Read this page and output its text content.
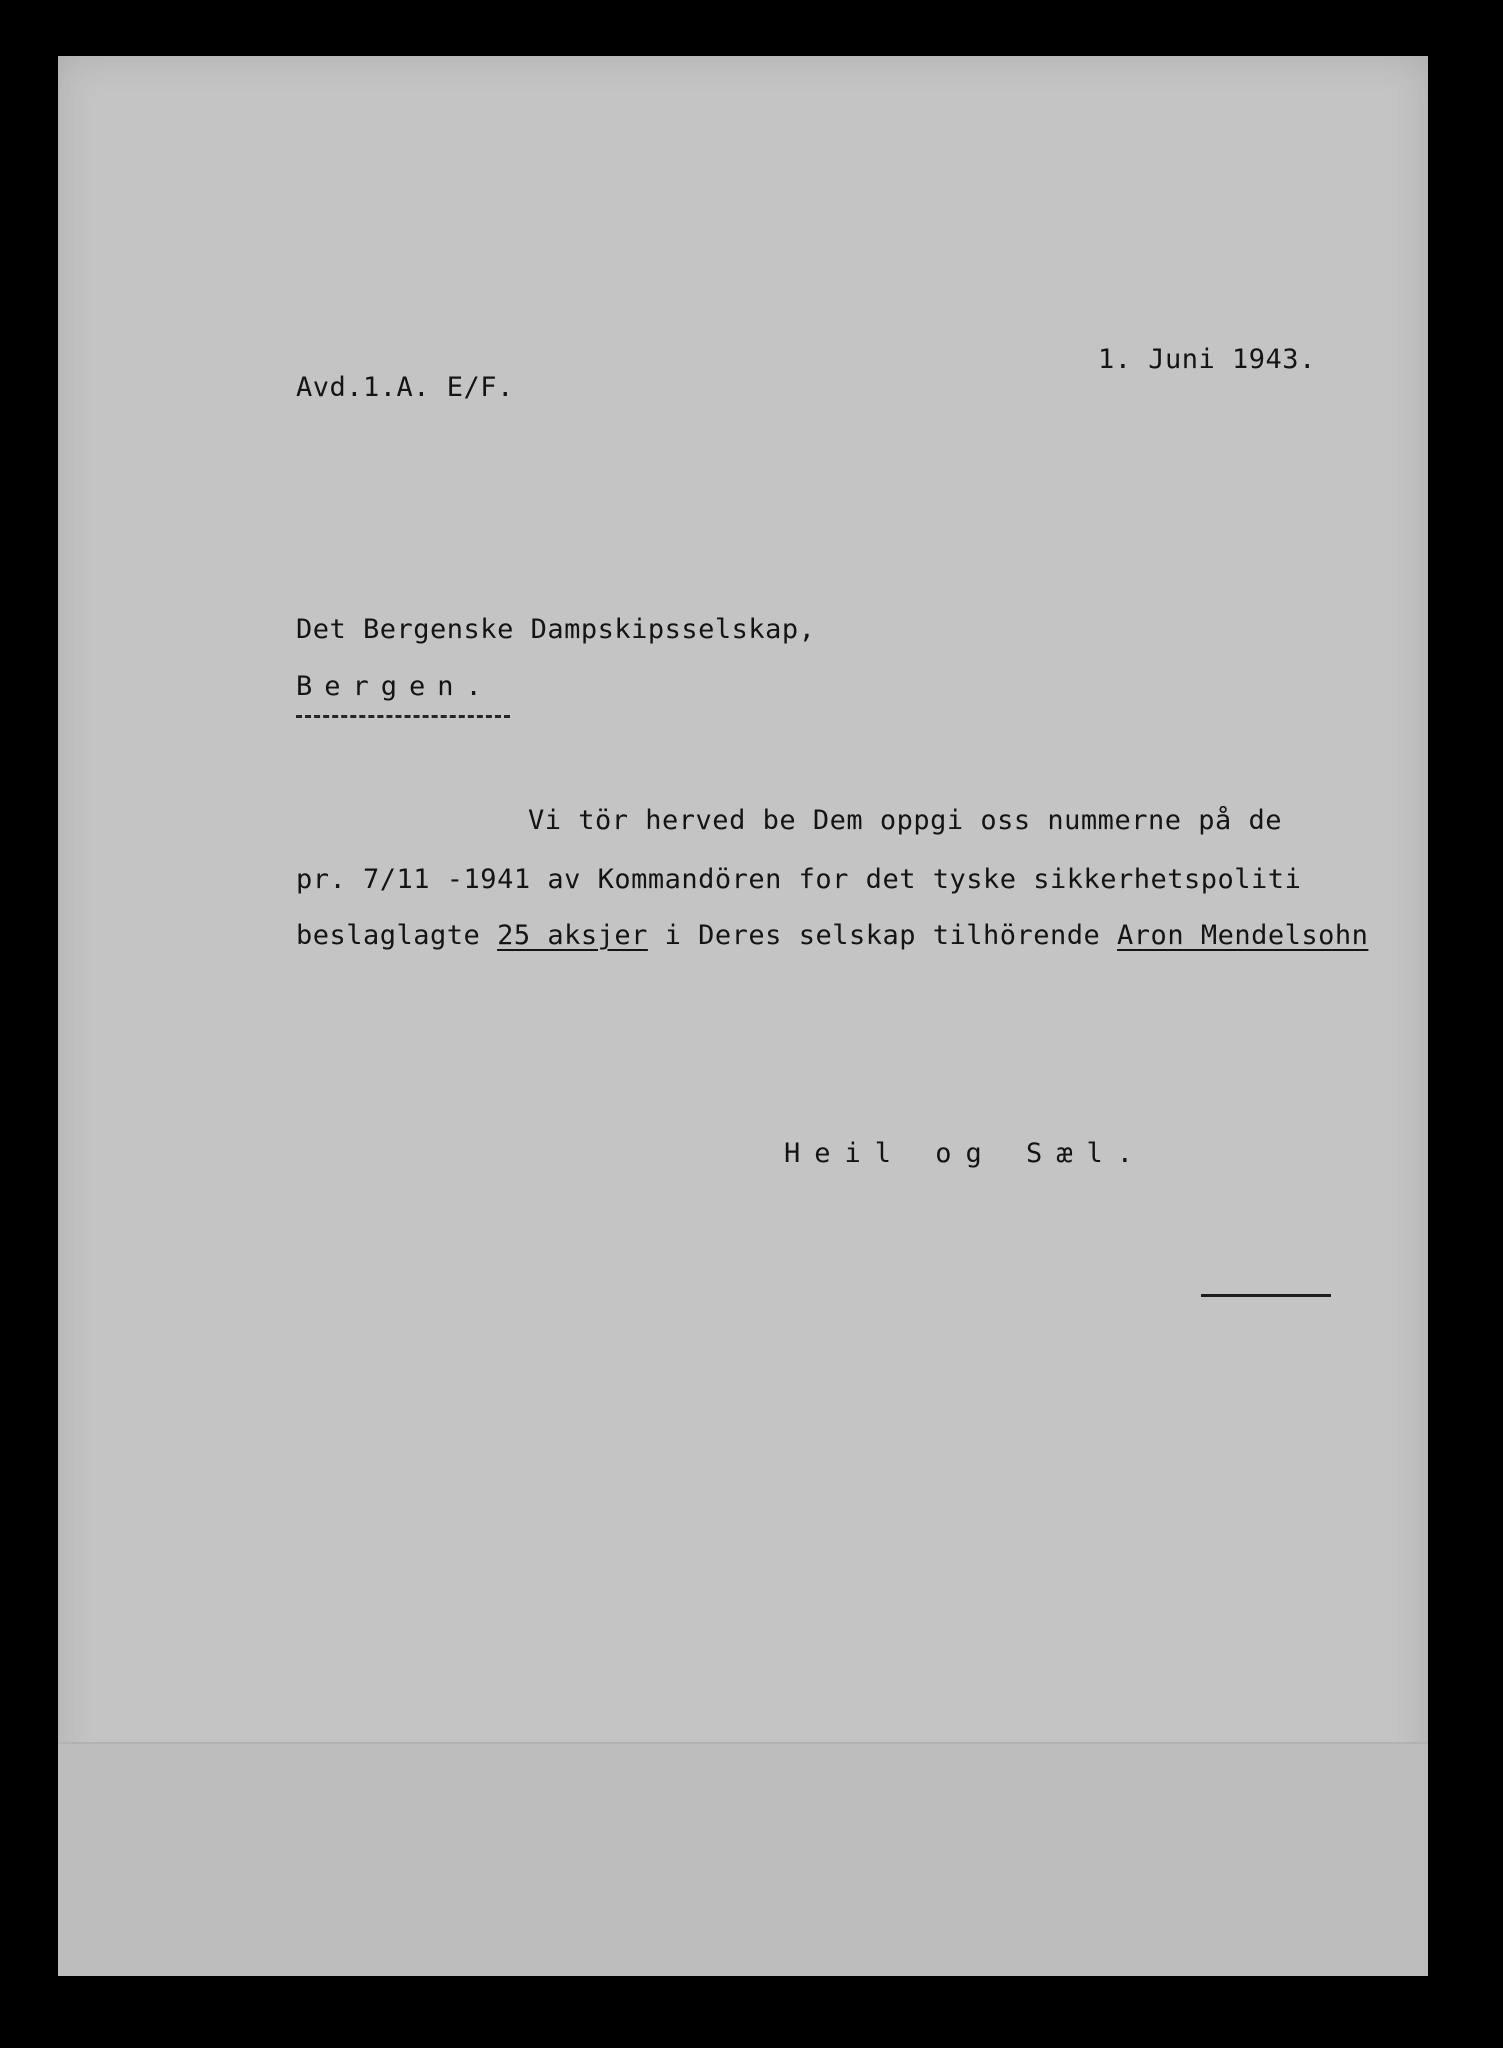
1. Juni 1943.
Avd.1.A. E/F.
Det Bergenske Dampskipsselskap,
Bergen.
Vi tör herved be Dem oppgi oss nummerne på de
pr. 7/11 -1941 av Kommandören for det tyske sikkerhetspoliti
beslaglagte 25 aksjer i Deres selskap tilhörende Aron Mendelsohn
Heil og Sæl.
